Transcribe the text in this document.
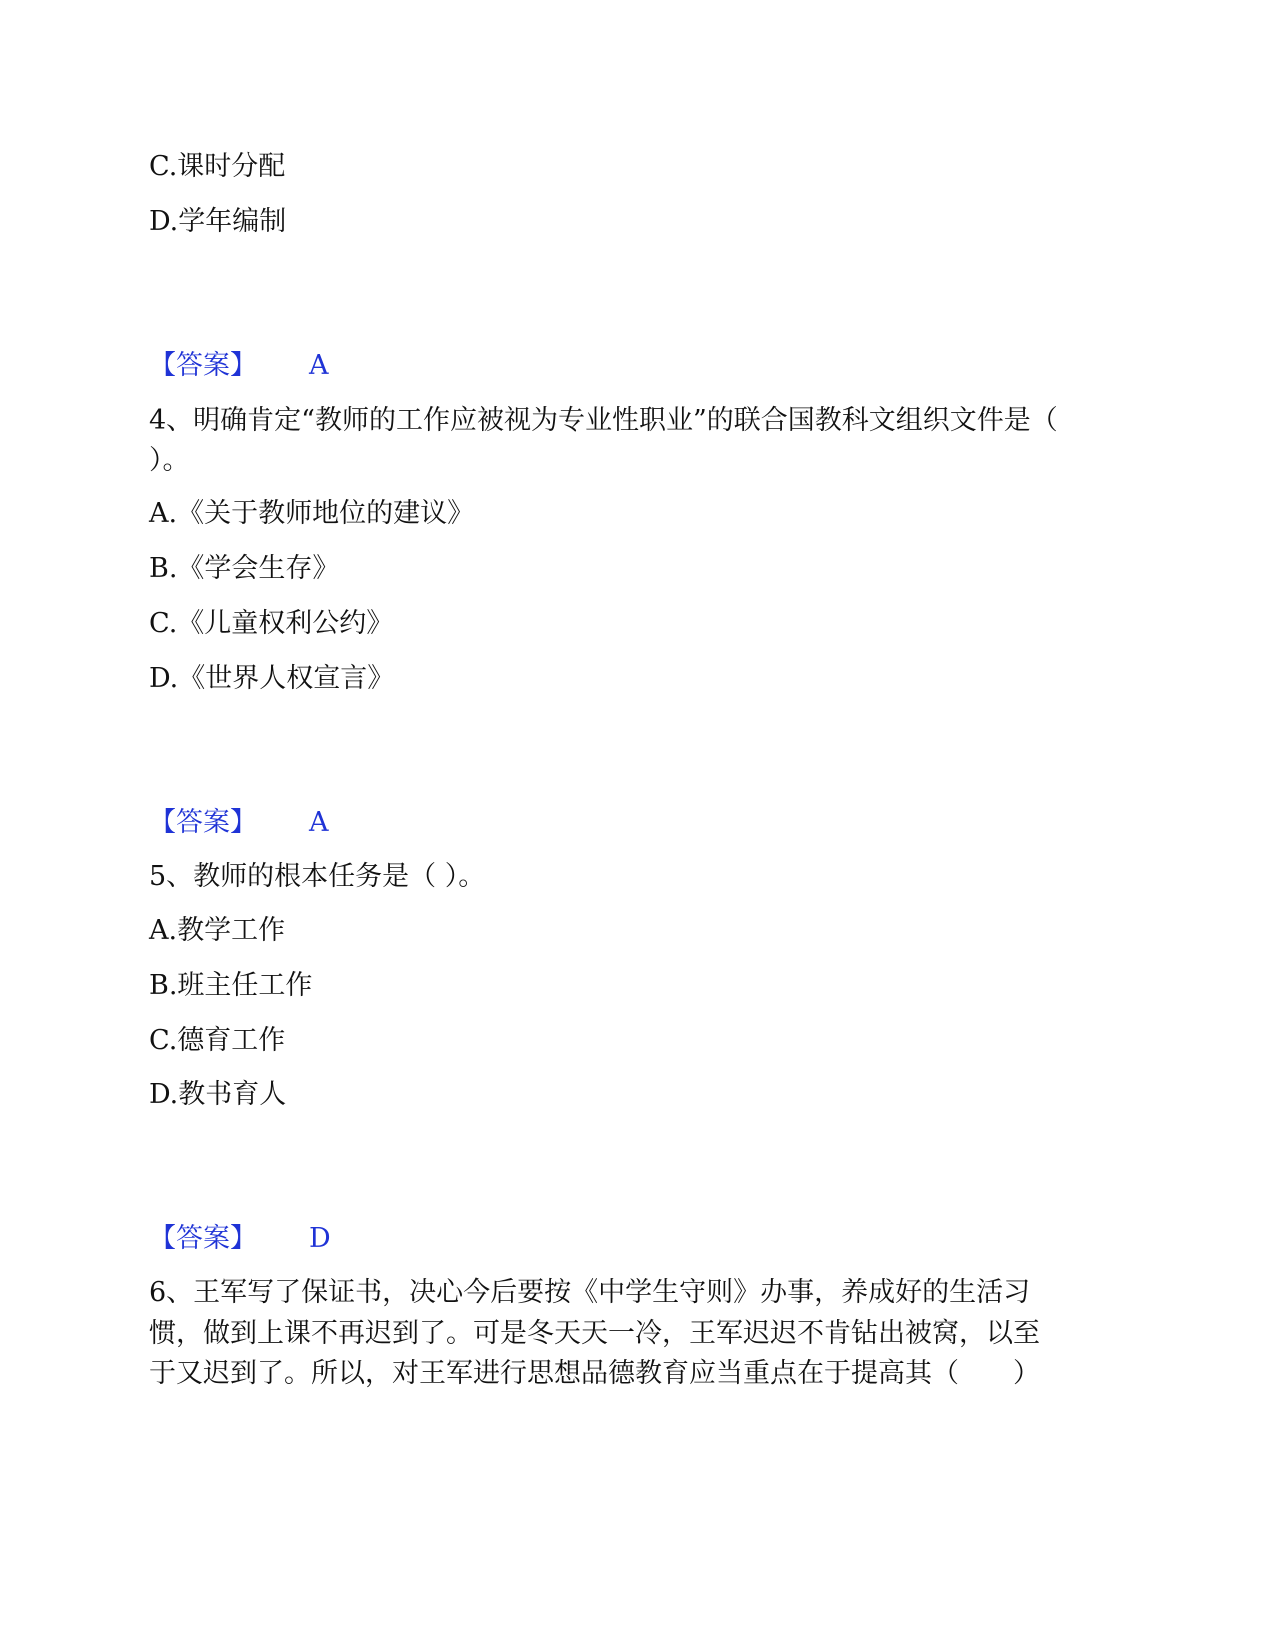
C.课时分配
D.学年编制
【答案】 A
4、明确肯定“教师的工作应被视为专业性职业”的联合国教科文组织文件是（
）。
A.《关于教师地位的建议》
B.《学会生存》
C.《儿童权利公约》
D.《世界人权宣言》
【答案】 A
5、教师的根本任务是（ ）。
A.教学工作
B.班主任工作
C.德育工作
D.教书育人
【答案】 D
6、王军写了保证书，决心今后要按《中学生守则》办事，养成好的生活习
惯，做到上课不再迟到了。可是冬天天一冷，王军迟迟不肯钻出被窝，以至
于又迟到了。所以，对王军进行思想品德教育应当重点在于提高其（　　）
